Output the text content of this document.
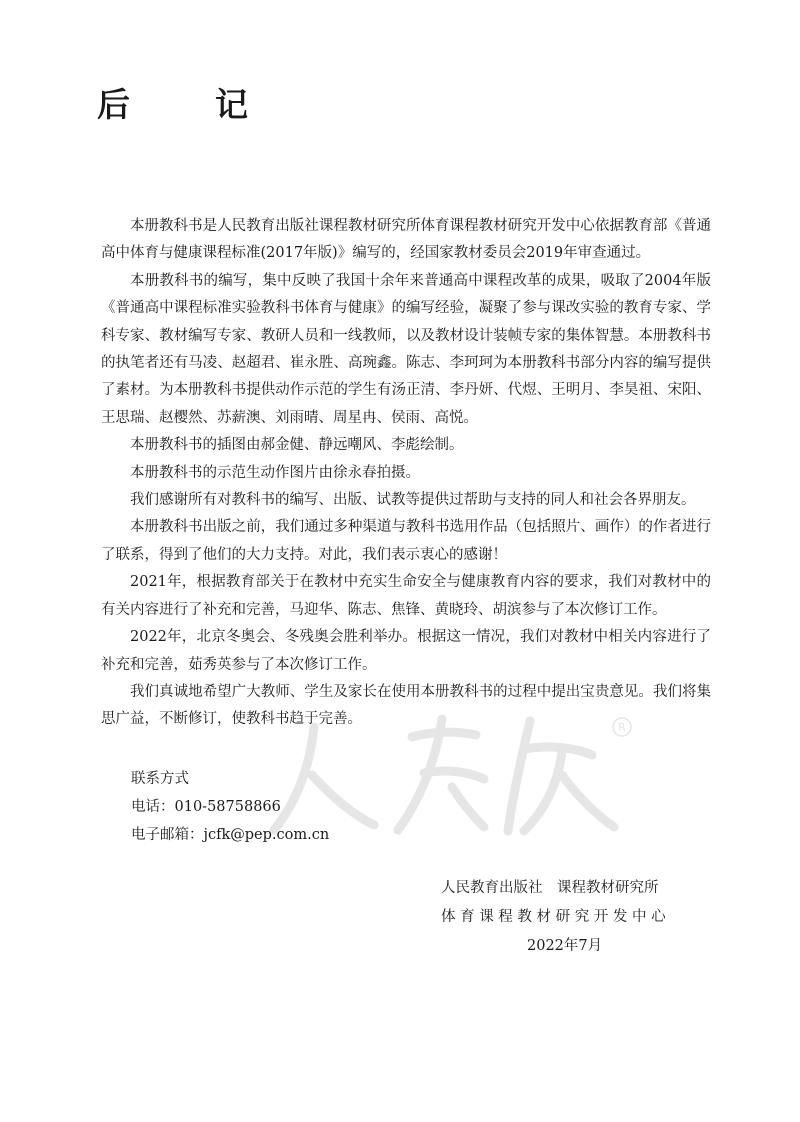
后　记

本册教科书是人民教育出版社课程教材研究所体育课程教材研究开发中心依据教育部《普通高中体育与健康课程标准(2017年版)》编写的，经国家教材委员会2019年审查通过。

本册教科书的编写，集中反映了我国十余年来普通高中课程改革的成果，吸取了2004年版《普通高中课程标准实验教科书体育与健康》的编写经验，凝聚了参与课改实验的教育专家、学科专家、教材编写专家、教研人员和一线教师，以及教材设计装帧专家的集体智慧。本册教科书的执笔者还有马凌、赵超君、崔永胜、高琬鑫。陈志、李珂珂为本册教科书部分内容的编写提供了素材。为本册教科书提供动作示范的学生有汤正清、李丹妍、代煜、王明月、李昊祖、宋阳、王思瑞、赵樱然、苏薪澳、刘雨晴、周星冉、侯雨、高悦。

本册教科书的插图由郝金健、静远嘲风、李彪绘制。

本册教科书的示范生动作图片由徐永春拍摄。

我们感谢所有对教科书的编写、出版、试教等提供过帮助与支持的同人和社会各界朋友。

本册教科书出版之前，我们通过多种渠道与教科书选用作品（包括照片、画作）的作者进行了联系，得到了他们的大力支持。对此，我们表示衷心的感谢！

2021年，根据教育部关于在教材中充实生命安全与健康教育内容的要求，我们对教材中的有关内容进行了补充和完善，马迎华、陈志、焦锋、黄晓玲、胡滨参与了本次修订工作。

2022年，北京冬奥会、冬残奥会胜利举办。根据这一情况，我们对教材中相关内容进行了补充和完善，茹秀英参与了本次修订工作。

我们真诚地希望广大教师、学生及家长在使用本册教科书的过程中提出宝贵意见。我们将集思广益，不断修订，使教科书趋于完善。

R
联系方式
电话：010-58758866
电子邮箱：jcfk@pep.com.cn
人民教育出版社　课程教材研究所
体育课程教材研究开发中心
2022年7月
